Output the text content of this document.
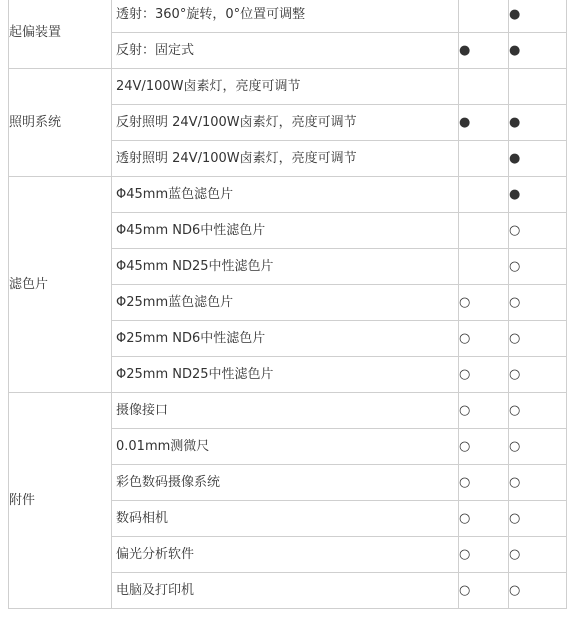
起偏装置	透射：360°旋转，0°位置可调整		●
	反射：固定式	●	●
照明系统	24V/100W卤素灯，亮度可调节		
	反射照明 24V/100W卤素灯，亮度可调节	●	●
	透射照明 24V/100W卤素灯，亮度可调节		●
滤色片	Φ45mm蓝色滤色片		●
	Φ45mm ND6中性滤色片		○
	Φ45mm ND25中性滤色片		○
	Φ25mm蓝色滤色片	○	○
	Φ25mm ND6中性滤色片	○	○
	Φ25mm ND25中性滤色片	○	○
附件	摄像接口	○	○
	0.01mm测微尺	○	○
	彩色数码摄像系统	○	○
	数码相机	○	○
	偏光分析软件	○	○
	电脑及打印机	○	○
